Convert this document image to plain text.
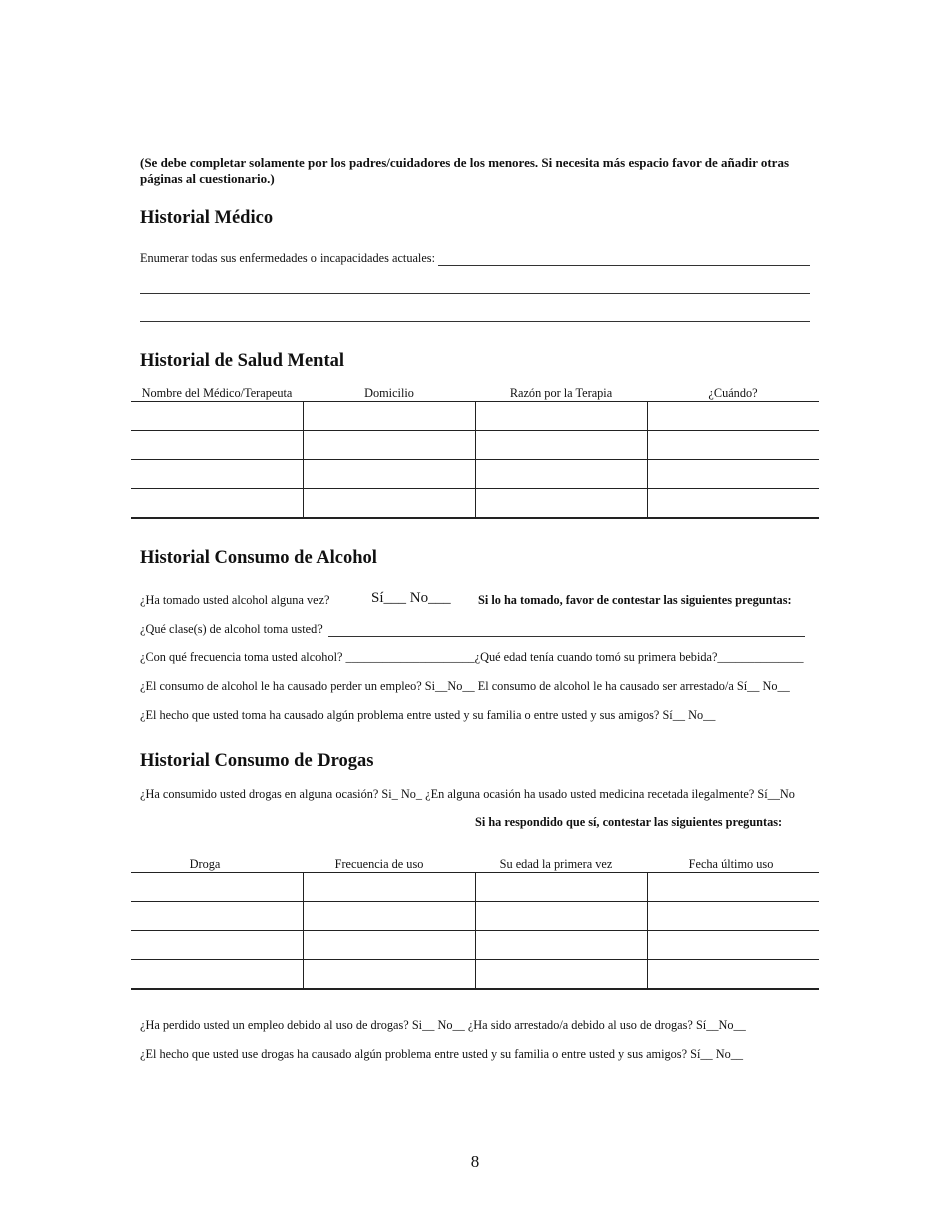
(Se debe completar solamente por los padres/cuidadores de los menores. Si necesita más espacio favor de añadir otras páginas al cuestionario.)
Historial Médico
Enumerar todas sus enfermedades o incapacidades actuales:
Historial de Salud Mental
Nombre del Médico/Terapeuta	Domicilio	Razón por la Terapia	¿Cuándo?

Historial Consumo de Alcohol
¿Ha tomado usted alcohol alguna vez?	Sí___ No___ Si lo ha tomado, favor de contestar las siguientes preguntas:
¿Qué clase(s) de alcohol toma usted?
¿Con qué frecuencia toma usted alcohol? _____________________¿Qué edad tenía cuando tomó su primera bebida?______________
¿El consumo de alcohol le ha causado perder un empleo? Si__No__ El consumo de alcohol le ha causado ser arrestado/a Sí__ No__
¿El hecho que usted toma ha causado algún problema entre usted y su familia o entre usted y sus amigos? Sí__ No__
Historial Consumo de Drogas
¿Ha consumido usted drogas en alguna ocasión? Si_ No_ ¿En alguna ocasión ha usado usted medicina recetada ilegalmente? Sí__No
Si ha respondido que sí, contestar las siguientes preguntas:
Droga	Frecuencia de uso	Su edad la primera vez	Fecha último uso

¿Ha perdido usted un empleo debido al uso de drogas? Si__ No__ ¿Ha sido arrestado/a debido al uso de drogas? Sí__No__
¿El hecho que usted use drogas ha causado algún problema entre usted y su familia o entre usted y sus amigos? Sí__ No__
8
